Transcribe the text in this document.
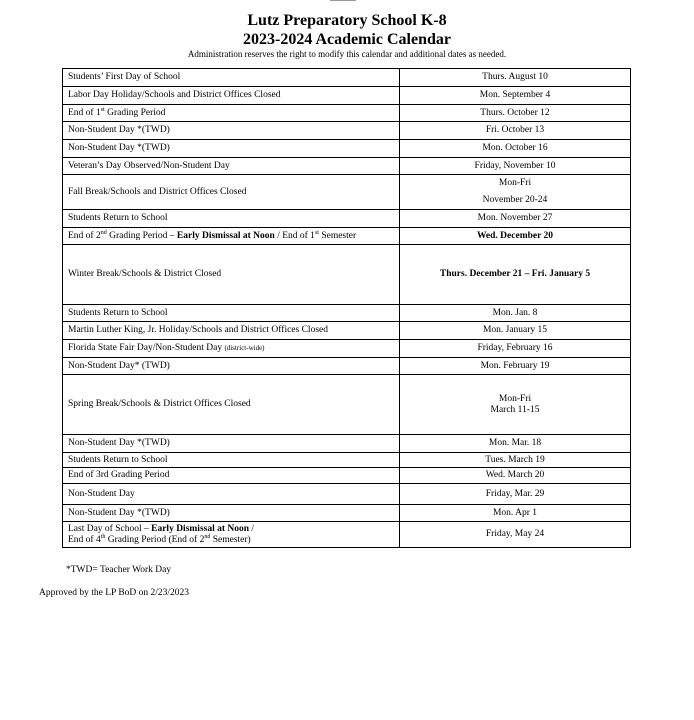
Lutz Preparatory School K-8
2023-2024 Academic Calendar
Administration reserves the right to modify this calendar and additional dates as needed.
Students’ First Day of School	Thurs. August 10
Labor Day Holiday/Schools and District Offices Closed	Mon. September 4
End of 1st Grading Period	Thurs. October 12
Non-Student Day *(TWD)	Fri. October 13
Non-Student Day *(TWD)	Mon. October 16
Veteran’s Day Observed/Non-Student Day	Friday, November 10
Fall Break/Schools and District Offices Closed	Mon-Fri
November 20-24

Students Return to School	Mon. November 27
End of 2nd Grading Period – Early Dismissal at Noon / End of 1st Semester	Wed. December 20
Winter Break/Schools & District Closed	Thurs. December 21 – Fri. January 5
Students Return to School	Mon. Jan. 8
Martin Luther King, Jr. Holiday/Schools and District Offices Closed	Mon. January 15
Florida State Fair Day/Non-Student Day (district-wide)	Friday, February 16
Non-Student Day* (TWD)	Mon. February 19
Spring Break/Schools & District Offices Closed	Mon-Fri
March 11-15

Non-Student Day *(TWD)	Mon. Mar. 18
Students Return to School	Tues. March 19
End of 3rd Grading Period	Wed. March 20
Non-Student Day	Friday, Mar. 29
Non-Student Day *(TWD)	Mon. Apr 1

Last Day of School – Early Dismissal at Noon /
End of 4th Grading Period (End of 2nd Semester)	Friday, May 24
*TWD= Teacher Work Day
Approved by the LP BoD on 2/23/2023
